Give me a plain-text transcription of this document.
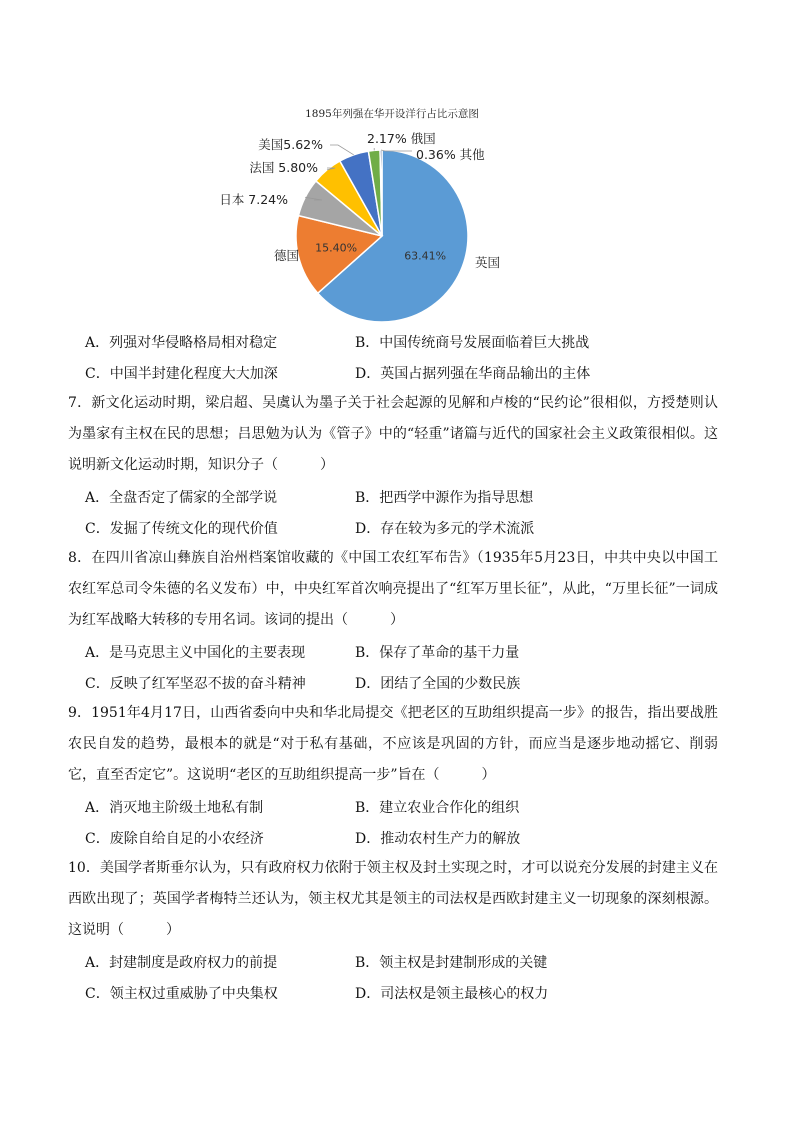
1895年列强在华开设洋行占比示意图
63.41% 英国
15.40%
德国
日本 7.24%
法国 5.80%
美国5.62%	2.17% 俄国
0.36% 其他
A．列强对华侵略格局相对稳定	B．中国传统商号发展面临着巨大挑战
C．中国半封建化程度大大加深	D．英国占据列强在华商品输出的主体

7．新文化运动时期，梁启超、吴虞认为墨子关于社会起源的见解和卢梭的“民约论”很相似，方授楚则认为墨家有主权在民的思想；吕思勉为认为《管子》中的“轻重”诸篇与近代的国家社会主义政策很相似。这说明新文化运动时期，知识分子（　　　）

A．全盘否定了儒家的全部学说	B．把西学中源作为指导思想
C．发掘了传统文化的现代价值	D．存在较为多元的学术流派

8．在四川省凉山彝族自治州档案馆收藏的《中国工农红军布告》（1935年5月23日，中共中央以中国工农红军总司令朱德的名义发布）中，中央红军首次响亮提出了“红军万里长征”，从此，“万里长征”一词成为红军战略大转移的专用名词。该词的提出（　　　）

A．是马克思主义中国化的主要表现	B．保存了革命的基干力量
C．反映了红军坚忍不拔的奋斗精神	D．团结了全国的少数民族

9．1951年4月17日，山西省委向中央和华北局提交《把老区的互助组织提高一步》的报告，指出要战胜农民自发的趋势，最根本的就是“对于私有基础，不应该是巩固的方针，而应当是逐步地动摇它、削弱它，直至否定它”。这说明“老区的互助组织提高一步”旨在（　　　）

A．消灭地主阶级土地私有制	B．建立农业合作化的组织
C．废除自给自足的小农经济	D．推动农村生产力的解放

10．美国学者斯垂尔认为，只有政府权力依附于领主权及封土实现之时，才可以说充分发展的封建主义在西欧出现了；英国学者梅特兰还认为，领主权尤其是领主的司法权是西欧封建主义一切现象的深刻根源。这说明（　　　）

A．封建制度是政府权力的前提	B．领主权是封建制形成的关键
C．领主权过重威胁了中央集权	D．司法权是领主最核心的权力
